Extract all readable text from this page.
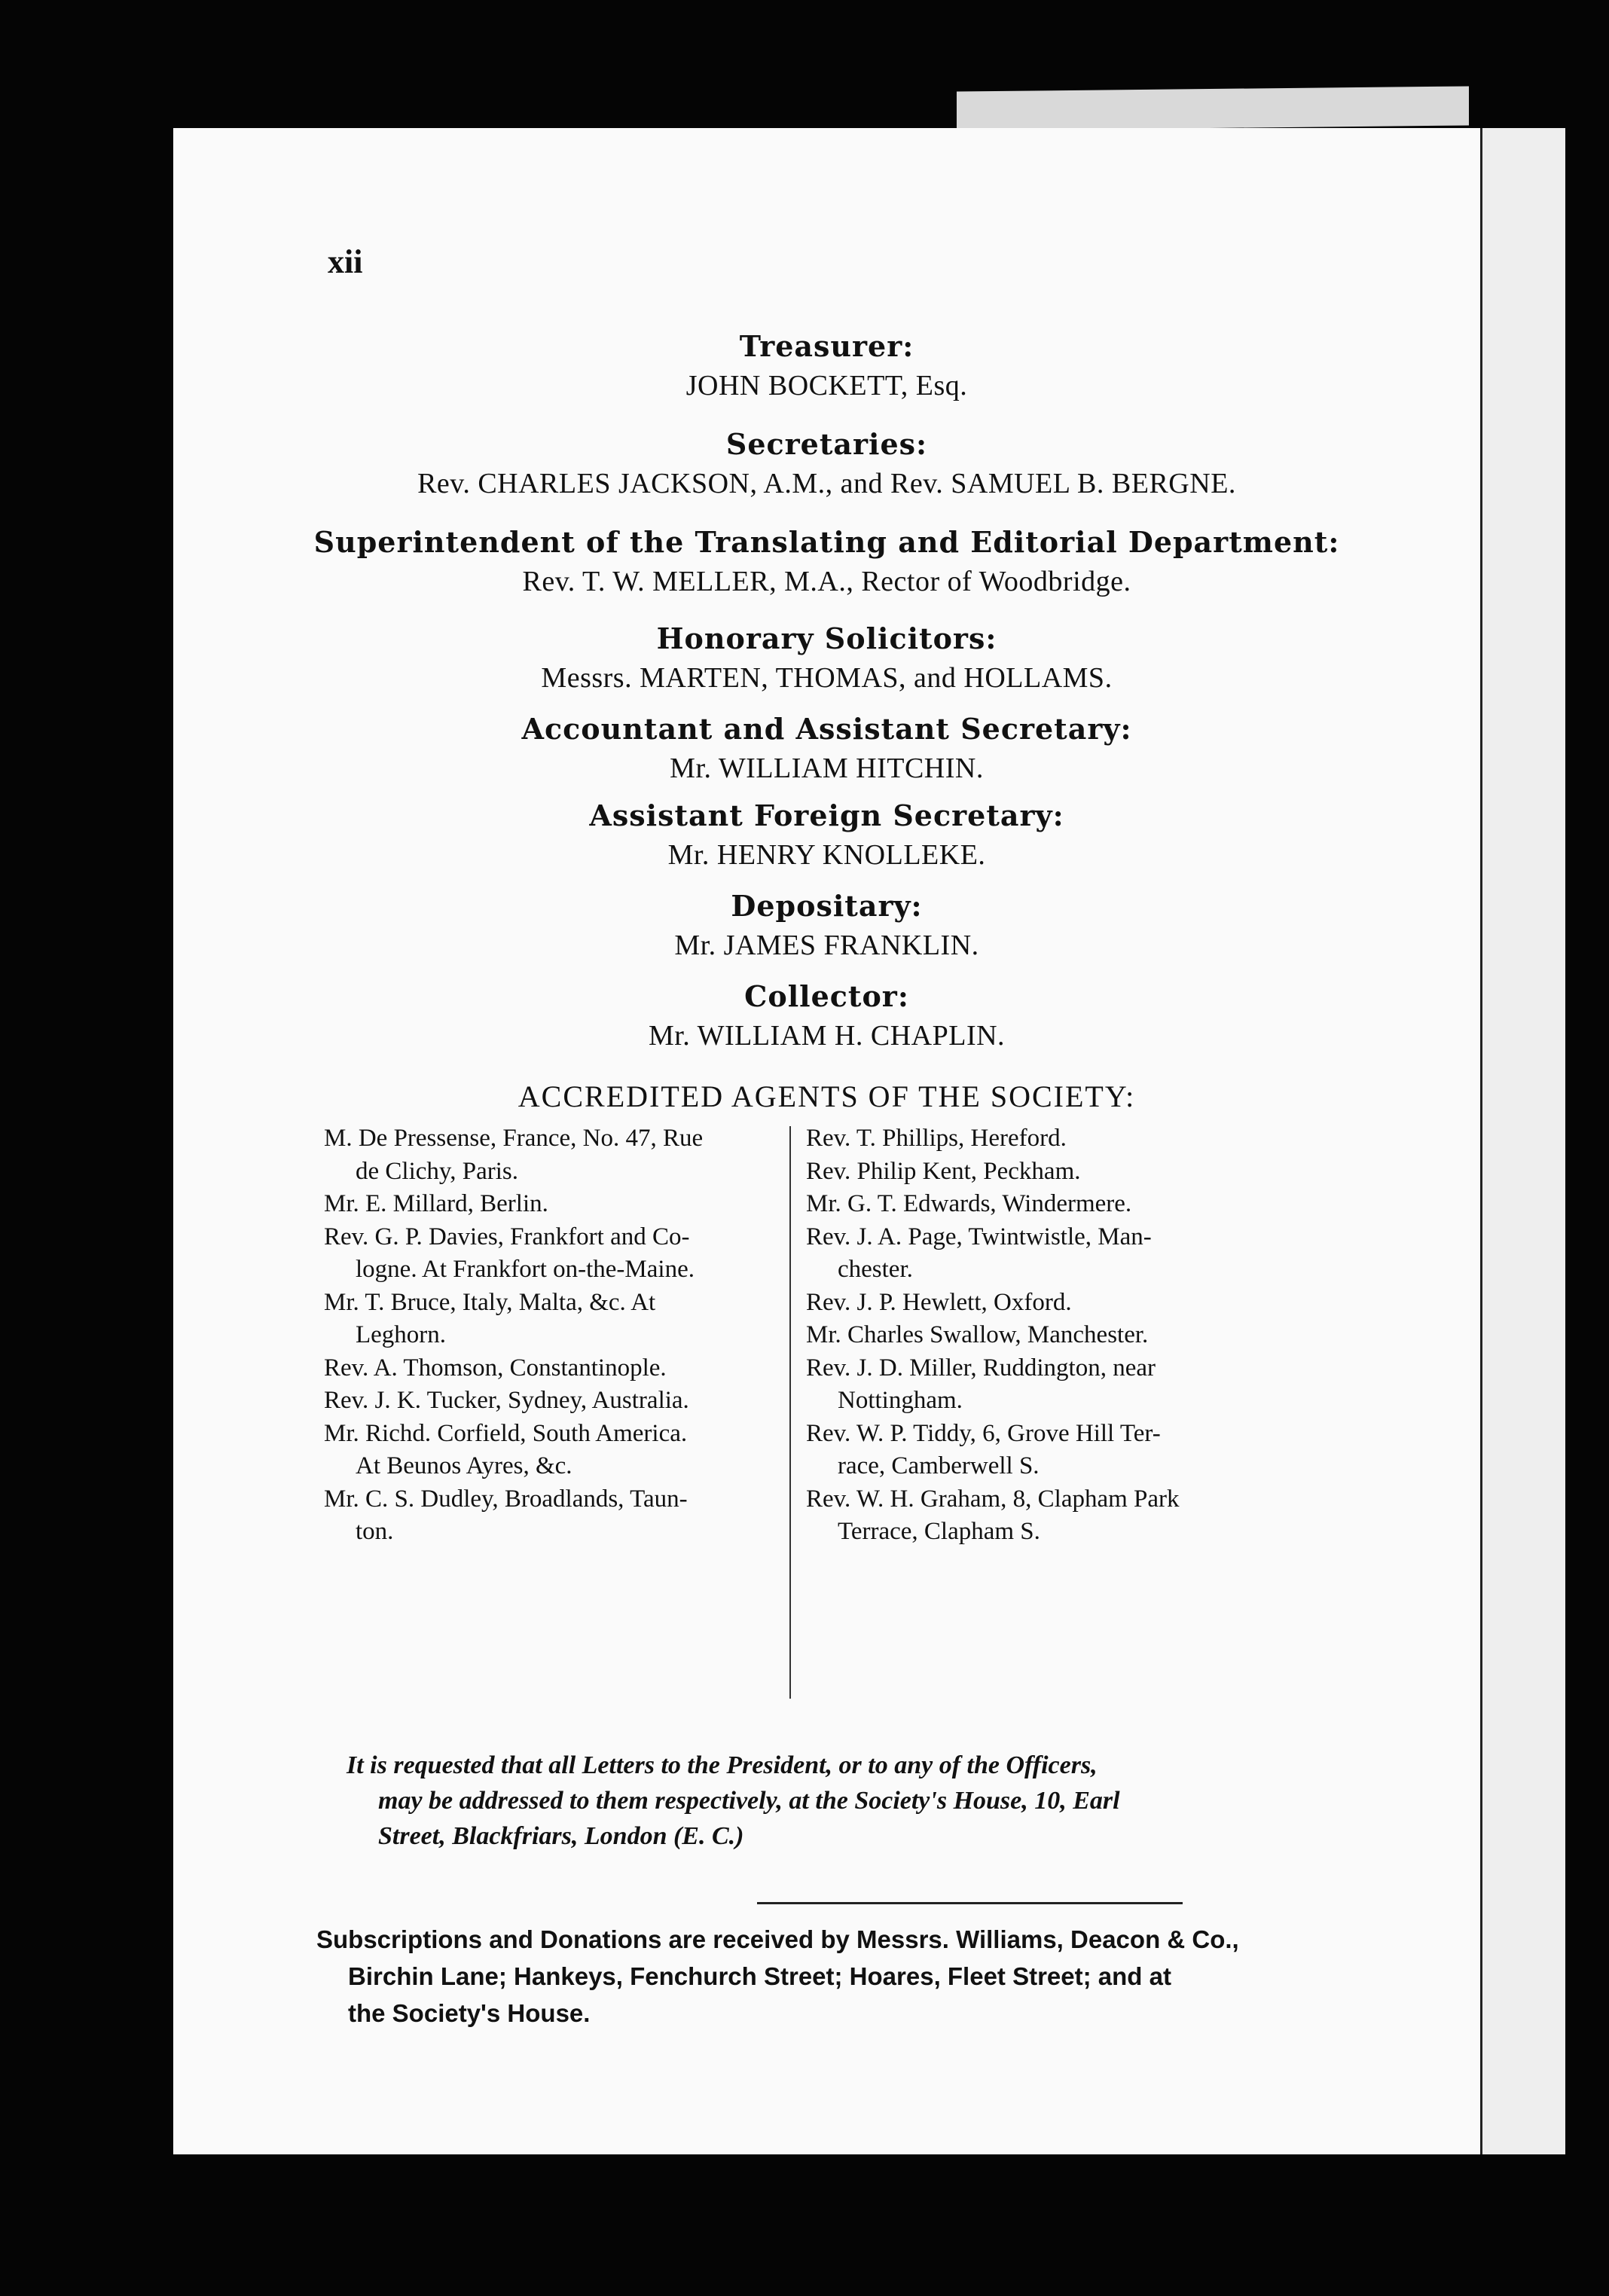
xii
Treasurer:
JOHN BOCKETT, Esq.
Secretaries:
Rev. CHARLES JACKSON, A.M., and Rev. SAMUEL B. BERGNE.
Superintendent of the Translating and Editorial Department:
Rev. T. W. MELLER, M.A., Rector of Woodbridge.
Honorary Solicitors:
Messrs. MARTEN, THOMAS, and HOLLAMS.
Accountant and Assistant Secretary:
Mr. WILLIAM HITCHIN.
Assistant Foreign Secretary:
Mr. HENRY KNOLLEKE.
Depositary:
Mr. JAMES FRANKLIN.
Collector:
Mr. WILLIAM H. CHAPLIN.
ACCREDITED AGENTS OF THE SOCIETY:
M. De Pressense, France, No. 47, Rue
de Clichy, Paris.
Mr. E. Millard, Berlin.
Rev. G. P. Davies, Frankfort and Co-
logne. At Frankfort on-the-Maine.
Mr. T. Bruce, Italy, Malta, &c. At
Leghorn.
Rev. A. Thomson, Constantinople.
Rev. J. K. Tucker, Sydney, Australia.
Mr. Richd. Corfield, South America.
At Beunos Ayres, &c.
Mr. C. S. Dudley, Broadlands, Taun-
ton.
Rev. T. Phillips, Hereford.
Rev. Philip Kent, Peckham.
Mr. G. T. Edwards, Windermere.
Rev. J. A. Page, Twintwistle, Man-
chester.
Rev. J. P. Hewlett, Oxford.
Mr. Charles Swallow, Manchester.
Rev. J. D. Miller, Ruddington, near
Nottingham.
Rev. W. P. Tiddy, 6, Grove Hill Ter-
race, Camberwell S.
Rev. W. H. Graham, 8, Clapham Park
Terrace, Clapham S.
It is requested that all Letters to the President, or to any of the Officers,
may be addressed to them respectively, at the Society's House, 10, Earl
Street, Blackfriars, London (E. C.)
Subscriptions and Donations are received by Messrs. Williams, Deacon & Co.,
Birchin Lane; Hankeys, Fenchurch Street; Hoares, Fleet Street; and at
the Society's House.
